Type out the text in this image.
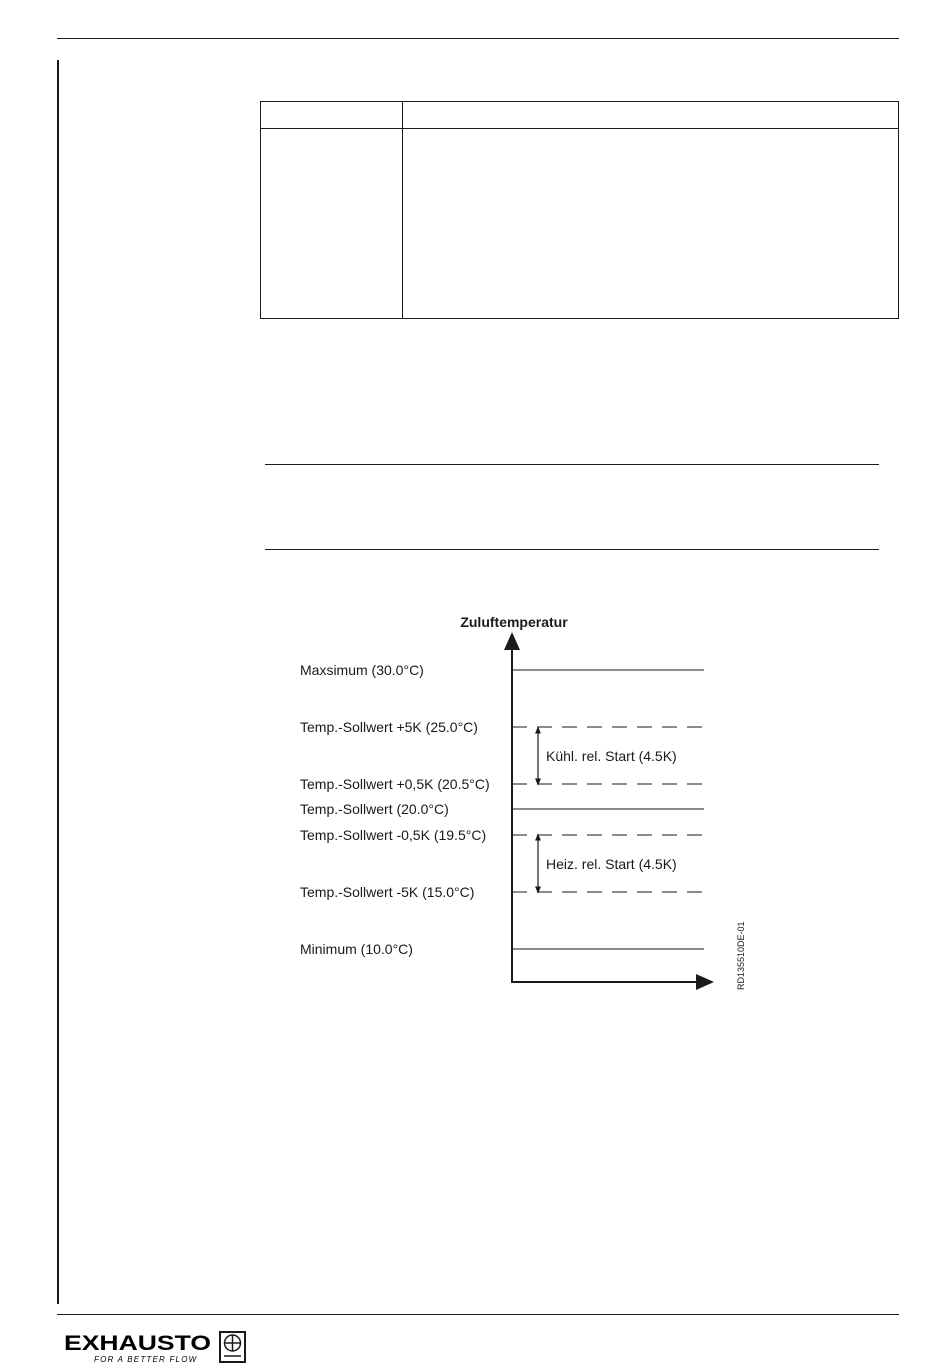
Zuluftemperatur
Maxsimum (30.0°C)
Temp.-Sollwert +5K (25.0°C)
Temp.-Sollwert +0,5K (20.5°C)
Temp.-Sollwert (20.0°C)
Temp.-Sollwert -0,5K (19.5°C)
Temp.-Sollwert -5K (15.0°C)
Minimum (10.0°C)
Kühl. rel. Start (4.5K)
Heiz. rel. Start (4.5K)
RD135510DE-01
EXHAUSTO
FOR A BETTER FLOW
